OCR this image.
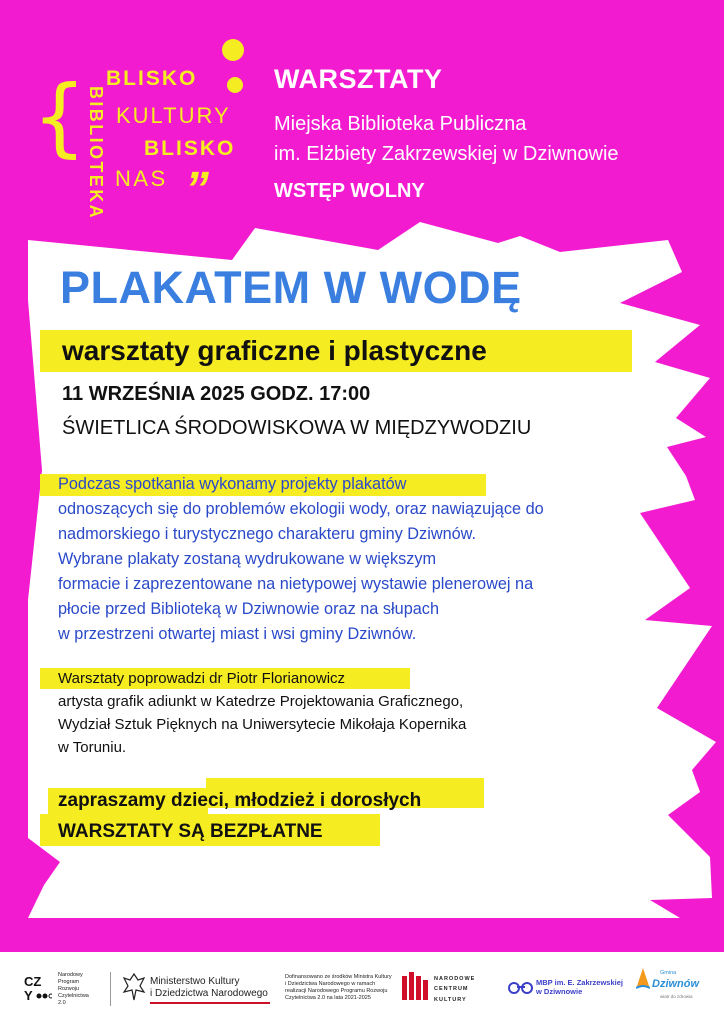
{ BIBLIOTEKA
BLISKO
KULTURY
BLISKO
NAS ”
WARSZTATY
Miejska Biblioteka Publiczna
im. Elżbiety Zakrzewskiej w Dziwnowie
WSTĘP WOLNY
PLAKATEM W WODĘ
warsztaty graficzne i plastyczne
11 WRZEŚNIA 2025 GODZ. 17:00
ŚWIETLICA ŚRODOWISKOWA W MIĘDZYWODZIU
Podczas spotkania wykonamy projekty plakatów
odnoszących się do problemów ekologii wody, oraz nawiązujące do
nadmorskiego i turystycznego charakteru gminy Dziwnów.
Wybrane plakaty zostaną wydrukowane w większym
formacie i zaprezentowane na nietypowej wystawie plenerowej na
płocie przed Biblioteką w Dziwnowie oraz na słupach
w przestrzeni otwartej miast i wsi gminy Dziwnów.
Warsztaty poprowadzi dr Piotr Florianowicz
artysta grafik adiunkt w Katedrze Projektowania Graficznego,
Wydział Sztuk Pięknych na Uniwersytecie Mikołaja Kopernika
w Toruniu.
zapraszamy dzieci, młodzież i dorosłych
WARSZTATY SĄ BEZPŁATNE
CZ
Y
Narodowy
Program
Rozwoju
Czytelnictwa
2.0
Ministerstwo Kultury
i Dziedzictwa Narodowego
Dofinansowano ze środków Ministra Kultury
i Dziedzictwa Narodowego w ramach
realizacji Narodowego Programu Rozwoju
Czytelnictwa 2.0 na lata 2021-2025
NARODOWE
CENTRUM
KULTURY
MBP im. E. Zakrzewskiej
w Dziwnowie
Gmina
Dziwnów
wiatr do zdrowia
